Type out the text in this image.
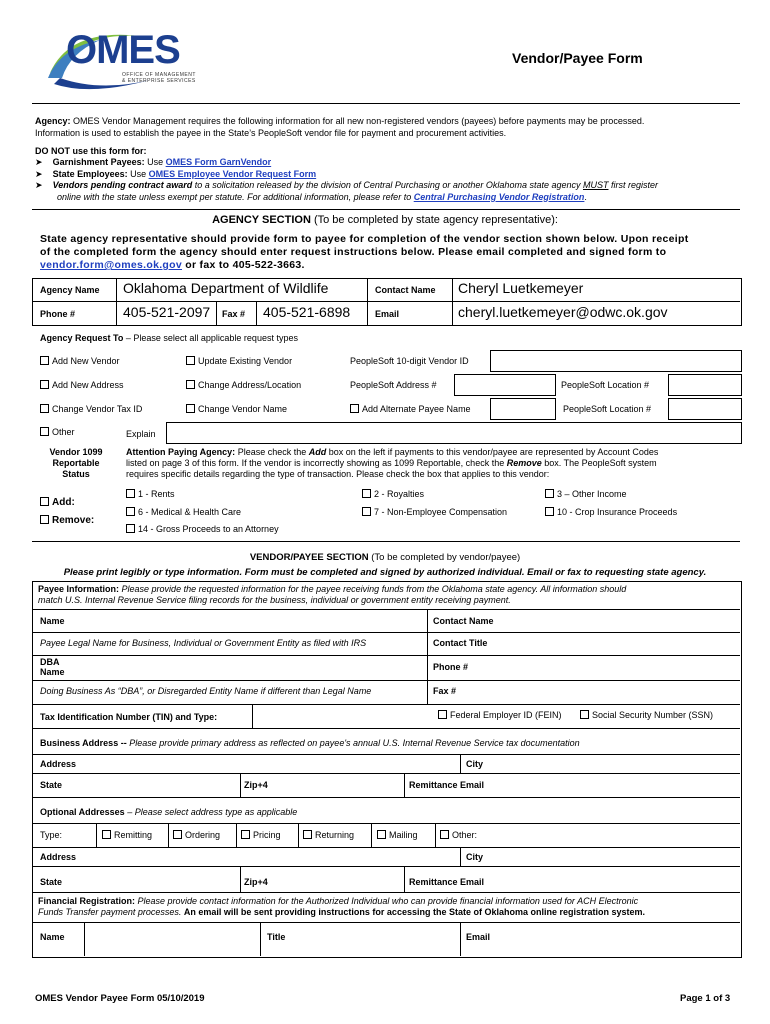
OMES
OFFICE OF MANAGEMENT
& ENTERPRISE SERVICES
Vendor/Payee Form
Agency: OMES Vendor Management requires the following information for all new non-registered vendors (payees) before payments may be processed.
Information is used to establish the payee in the State’s PeopleSoft vendor file for payment and procurement activities.
DO NOT use this form for:
➤ Garnishment Payees: Use OMES Form GarnVendor
➤ State Employees: Use OMES Employee Vendor Request Form
➤ Vendors pending contract award to a solicitation released by the division of Central Purchasing or another Oklahoma state agency MUST first register
online with the state unless exempt per statute. For additional information, please refer to Central Purchasing Vendor Registration.
AGENCY SECTION (To be completed by state agency representative):
State agency representative should provide form to payee for completion of the vendor section shown below. Upon receipt
of the completed form the agency should enter request instructions below. Please email completed and signed form to
vendor.form@omes.ok.gov or fax to 405-522-3663.
Agency Name Oklahoma Department of Wildlife	Contact Name Cheryl Luetkemeyer
Phone #	405-521-2097 Fax # 405-521-6898	Email	cheryl.luetkemeyer@odwc.ok.gov
Agency Request To – Please select all applicable request types
Add New Vendor	Update Existing Vendor	PeopleSoft 10-digit Vendor ID
Add New Address	Change Address/Location	PeopleSoft Address #	PeopleSoft Location #
Change Vendor Tax ID	Change Vendor Name	Add Alternate Payee Name	PeopleSoft Location #
Other	Explain
Vendor 1099
Reportable
Status
Add:
Remove:
Attention Paying Agency: Please check the Add box on the left if payments to this vendor/payee are represented by Account Codes
listed on page 3 of this form. If the vendor is incorrectly showing as 1099 Reportable, check the Remove box. The PeopleSoft system
requires specific details regarding the type of transaction. Please check the box that applies to this vendor:
1 - Rents	2 - Royalties	3 – Other Income
6 - Medical & Health Care	7 - Non-Employee Compensation	10 - Crop Insurance Proceeds
14 - Gross Proceeds to an Attorney
VENDOR/PAYEE SECTION (To be completed by vendor/payee)
Please print legibly or type information. Form must be completed and signed by authorized individual. Email or fax to requesting state agency.
Payee Information: Please provide the requested information for the payee receiving funds from the Oklahoma state agency. All information should
match U.S. Internal Revenue Service filing records for the business, individual or government entity receiving payment.
Name	Contact Name
Payee Legal Name for Business, Individual or Government Entity as filed with IRS	Contact Title
DBA
Name	Phone #
Doing Business As “DBA”, or Disregarded Entity Name if different than Legal Name	Fax #
Tax Identification Number (TIN) and Type:	Federal Employer ID (FEIN)	Social Security Number (SSN)
Business Address -- Please provide primary address as reflected on payee's annual U.S. Internal Revenue Service tax documentation
Address	City
State	Zip+4	Remittance Email
Optional Addresses – Please select address type as applicable
Type:	Remitting	Ordering	Pricing	Returning	Mailing	Other:
Address	City
State	Zip+4	Remittance Email
Financial Registration: Please provide contact information for the Authorized Individual who can provide financial information used for ACH Electronic
Funds Transfer payment processes. An email will be sent providing instructions for accessing the State of Oklahoma online registration system.
Name	Title	Email
OMES Vendor Payee Form 05/10/2019	Page 1 of 3
